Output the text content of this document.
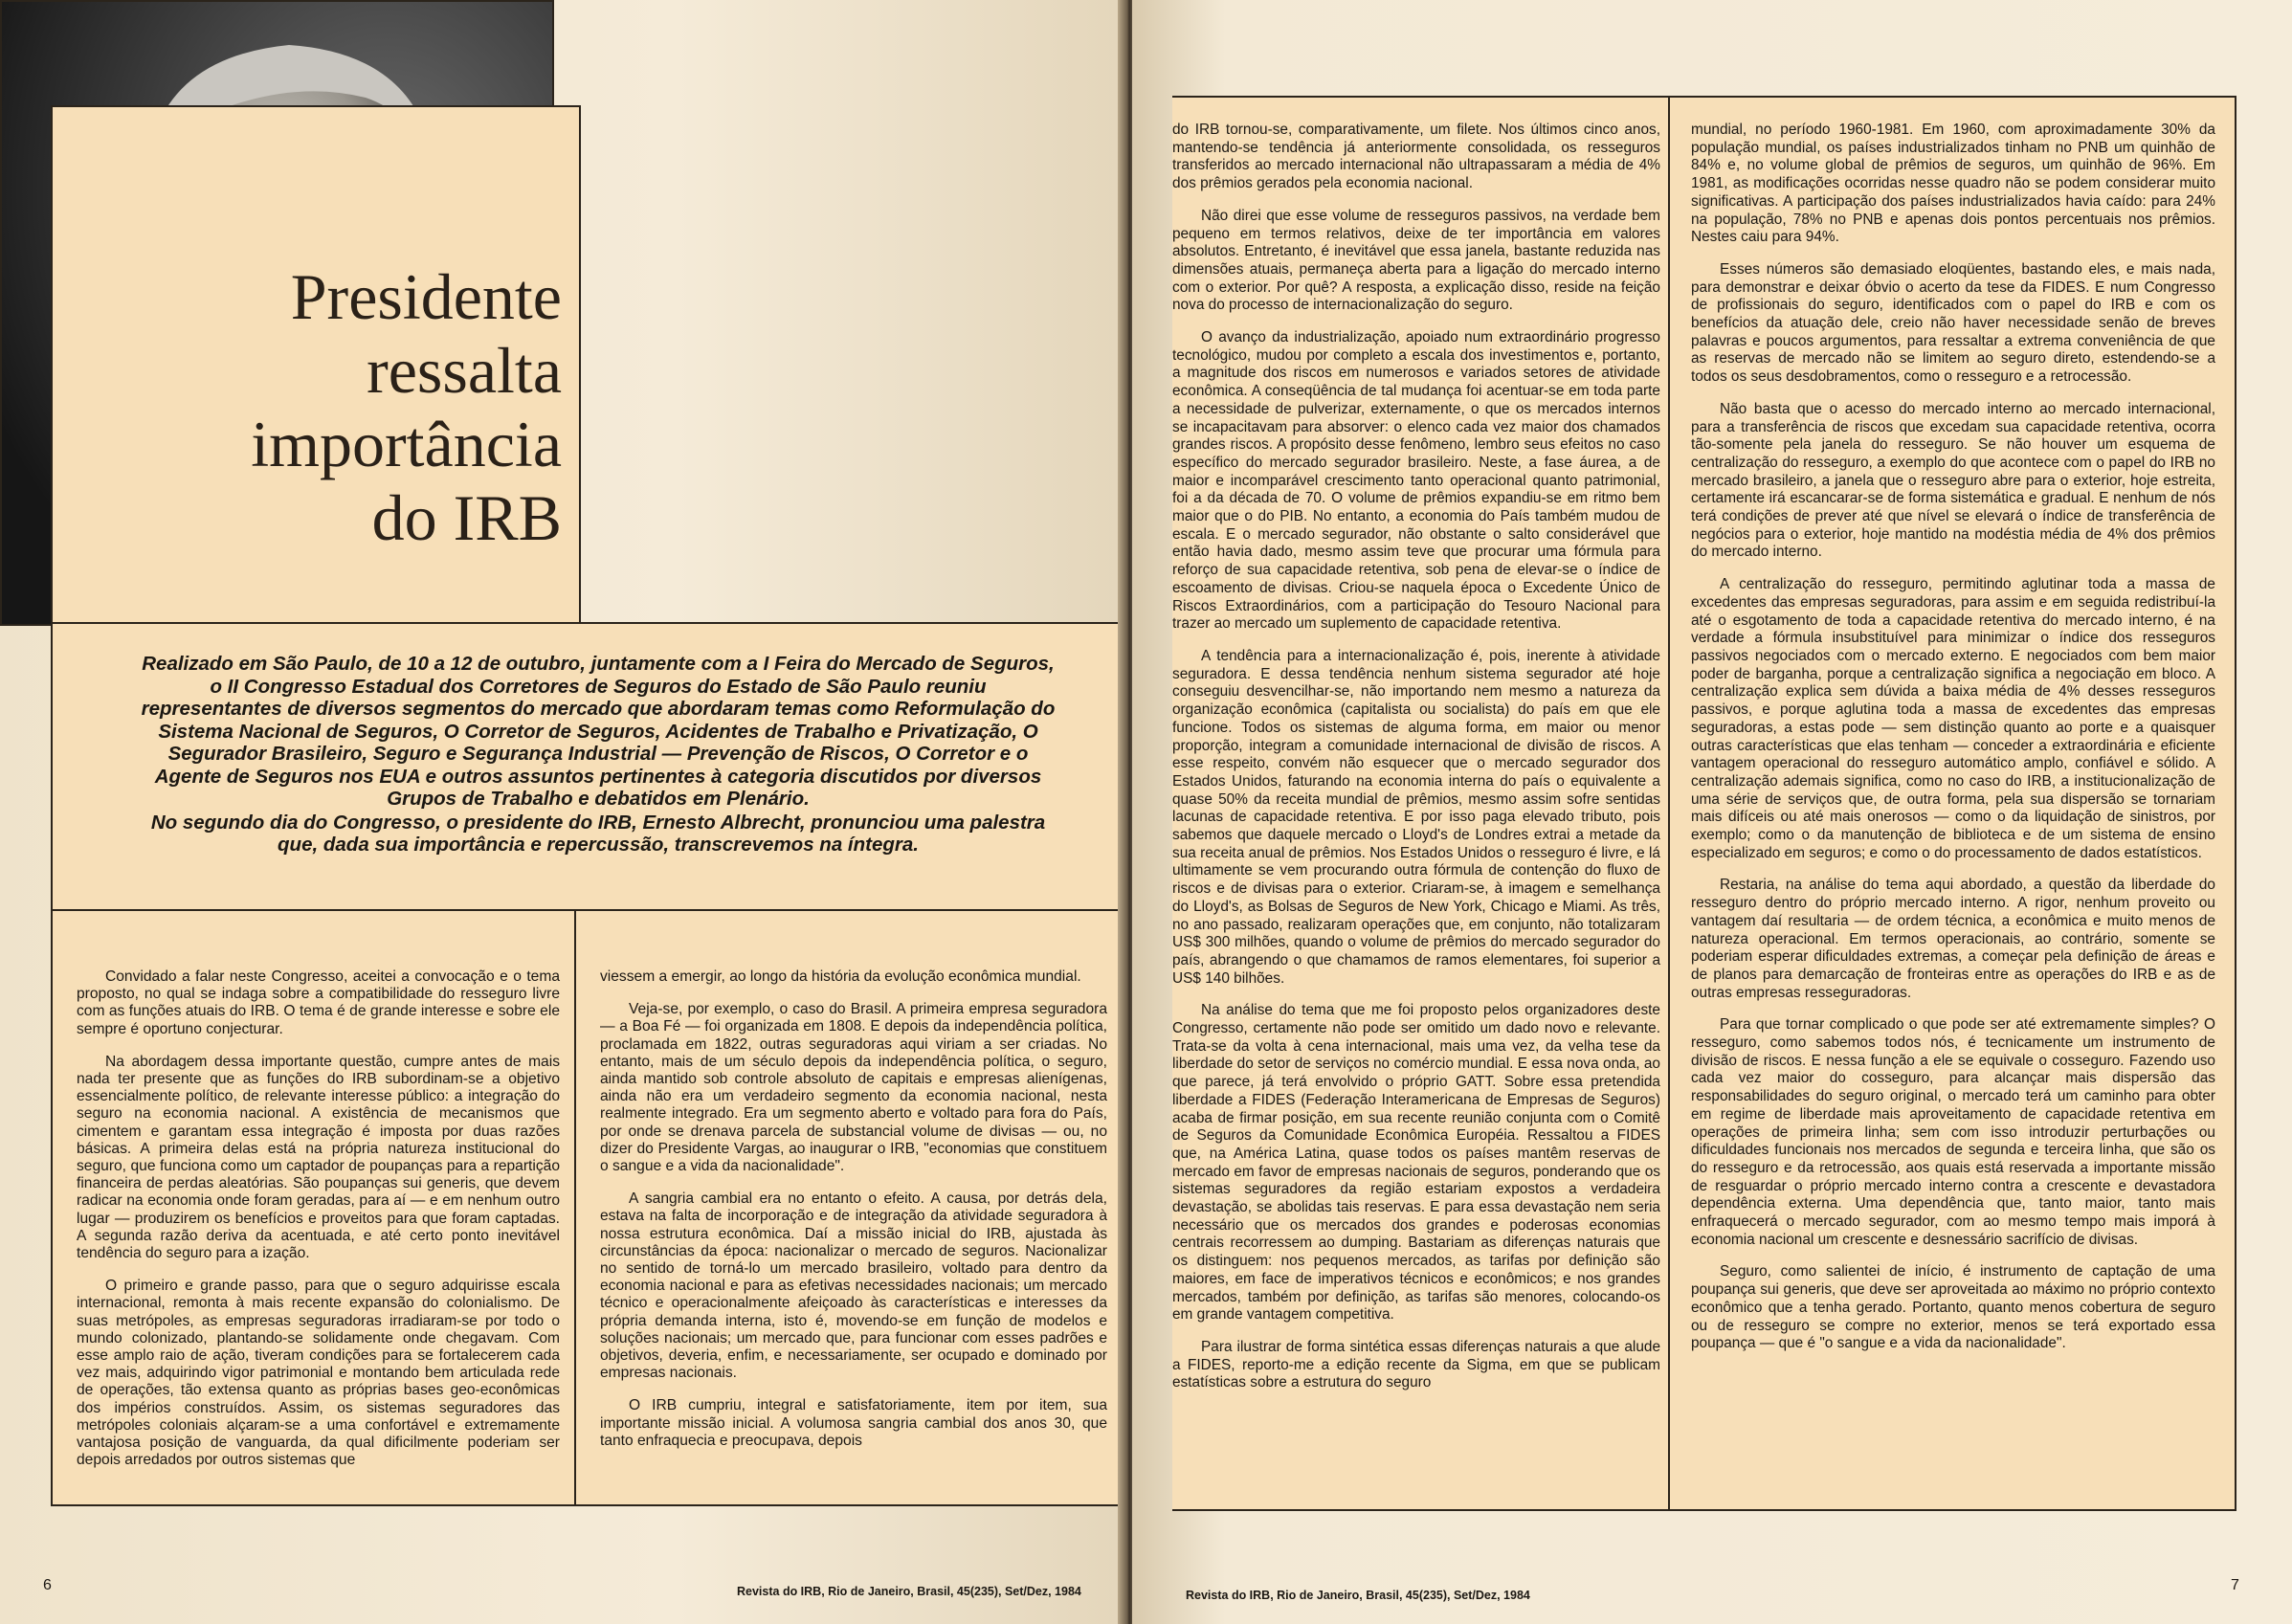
Presidente
ressalta
importância
do IRB

Realizado em São Paulo, de 10 a 12 de outubro, juntamente com a I Feira do Mercado de Seguros, o II Congresso Estadual dos Corretores de Seguros do Estado de São Paulo reuniu representantes de diversos segmentos do mercado que abordaram temas como Reformulação do Sistema Nacional de Seguros, O Corretor de Seguros, Acidentes de Trabalho e Privatização, O Segurador Brasileiro, Seguro e Segurança Industrial — Prevenção de Riscos, O Corretor e o Agente de Seguros nos EUA e outros assuntos pertinentes à categoria discutidos por diversos Grupos de Trabalho e debatidos em Plenário.

No segundo dia do Congresso, o presidente do IRB, Ernesto Albrecht, pronunciou uma palestra que, dada sua importância e repercussão, transcrevemos na íntegra.

Convidado a falar neste Congresso, aceitei a convocação e o tema proposto, no qual se indaga sobre a compatibilidade do resseguro livre com as funções atuais do IRB. O tema é de grande interesse e sobre ele sempre é oportuno conjecturar.

Na abordagem dessa importante questão, cumpre antes de mais nada ter presente que as funções do IRB subordinam-se a objetivo essencialmente político, de relevante interesse público: a integração do seguro na economia nacional. A existência de mecanismos que cimentem e garantam essa integração é imposta por duas razões básicas. A primeira delas está na própria natureza institucional do seguro, que funciona como um captador de poupanças para a repartição financeira de perdas aleatórias. São poupanças sui generis, que devem radicar na economia onde foram geradas, para aí — e em nenhum outro lugar — produzirem os benefícios e proveitos para que foram captadas. A segunda razão deriva da acentuada, e até certo ponto inevitável tendência do seguro para a ização.

O primeiro e grande passo, para que o seguro adquirisse escala internacional, remonta à mais recente expansão do colonialismo. De suas metrópoles, as empresas seguradoras irradiaram-se por todo o mundo colonizado, plantando-se solidamente onde chegavam. Com esse amplo raio de ação, tiveram condições para se fortalecerem cada vez mais, adquirindo vigor patrimonial e montando bem articulada rede de operações, tão extensa quanto as próprias bases geo-econômicas dos impérios construídos. Assim, os sistemas seguradores das metrópoles coloniais alçaram-se a uma confortável e extremamente vantajosa posição de vanguarda, da qual dificilmente poderiam ser depois arredados por outros sistemas que

viessem a emergir, ao longo da história da evolução econômica mundial.

Veja-se, por exemplo, o caso do Brasil. A primeira empresa seguradora — a Boa Fé — foi organizada em 1808. E depois da independência política, proclamada em 1822, outras seguradoras aqui viriam a ser criadas. No entanto, mais de um século depois da independência política, o seguro, ainda mantido sob controle absoluto de capitais e empresas alienígenas, ainda não era um verdadeiro segmento da economia nacional, nesta realmente integrado. Era um segmento aberto e voltado para fora do País, por onde se drenava parcela de substancial volume de divisas — ou, no dizer do Presidente Vargas, ao inaugurar o IRB, "economias que constituem o sangue e a vida da nacionalidade".

A sangria cambial era no entanto o efeito. A causa, por detrás dela, estava na falta de incorporação e de integração da atividade seguradora à nossa estrutura econômica. Daí a missão inicial do IRB, ajustada às circunstâncias da época: nacionalizar o mercado de seguros. Nacionalizar no sentido de torná-lo um mercado brasileiro, voltado para dentro da economia nacional e para as efetivas necessidades nacionais; um mercado técnico e operacionalmente afeiçoado às características e interesses da própria demanda interna, isto é, movendo-se em função de modelos e soluções nacionais; um mercado que, para funcionar com esses padrões e objetivos, deveria, enfim, e necessariamente, ser ocupado e dominado por empresas nacionais.

O IRB cumpriu, integral e satisfatoriamente, item por item, sua importante missão inicial. A volumosa sangria cambial dos anos 30, que tanto enfraquecia e preocupava, depois

6	Revista do IRB, Rio de Janeiro, Brasil, 45(235), Set/Dez, 1984

do IRB tornou-se, comparativamente, um filete. Nos últimos cinco anos, mantendo-se tendência já anteriormente consolidada, os resseguros transferidos ao mercado internacional não ultrapassaram a média de 4% dos prêmios gerados pela economia nacional.

Não direi que esse volume de resseguros passivos, na verdade bem pequeno em termos relativos, deixe de ter importância em valores absolutos. Entretanto, é inevitável que essa janela, bastante reduzida nas dimensões atuais, permaneça aberta para a ligação do mercado interno com o exterior. Por quê? A resposta, a explicação disso, reside na feição nova do processo de internacionalização do seguro.

O avanço da industrialização, apoiado num extraordinário progresso tecnológico, mudou por completo a escala dos investimentos e, portanto, a magnitude dos riscos em numerosos e variados setores de atividade econômica. A conseqüência de tal mudança foi acentuar-se em toda parte a necessidade de pulverizar, externamente, o que os mercados internos se incapacitavam para absorver: o elenco cada vez maior dos chamados grandes riscos. A propósito desse fenômeno, lembro seus efeitos no caso específico do mercado segurador brasileiro. Neste, a fase áurea, a de maior e incomparável crescimento tanto operacional quanto patrimonial, foi a da década de 70. O volume de prêmios expandiu-se em ritmo bem maior que o do PIB. No entanto, a economia do País também mudou de escala. E o mercado segurador, não obstante o salto considerável que então havia dado, mesmo assim teve que procurar uma fórmula para reforço de sua capacidade retentiva, sob pena de elevar-se o índice de escoamento de divisas. Criou-se naquela época o Excedente Único de Riscos Extraordinários, com a participação do Tesouro Nacional para trazer ao mercado um suplemento de capacidade retentiva.

A tendência para a internacionalização é, pois, inerente à atividade seguradora. E dessa tendência nenhum sistema segurador até hoje conseguiu desvencilhar-se, não importando nem mesmo a natureza da organização econômica (capitalista ou socialista) do país em que ele funcione. Todos os sistemas de alguma forma, em maior ou menor proporção, integram a comunidade internacional de divisão de riscos. A esse respeito, convém não esquecer que o mercado segurador dos Estados Unidos, faturando na economia interna do país o equivalente a quase 50% da receita mundial de prêmios, mesmo assim sofre sentidas lacunas de capacidade retentiva. E por isso paga elevado tributo, pois sabemos que daquele mercado o Lloyd's de Londres extrai a metade da sua receita anual de prêmios. Nos Estados Unidos o resseguro é livre, e lá ultimamente se vem procurando outra fórmula de contenção do fluxo de riscos e de divisas para o exterior. Criaram-se, à imagem e semelhança do Lloyd's, as Bolsas de Seguros de New York, Chicago e Miami. As três, no ano passado, realizaram operações que, em conjunto, não totalizaram US$ 300 milhões, quando o volume de prêmios do mercado segurador do país, abrangendo o que chamamos de ramos elementares, foi superior a US$ 140 bilhões.

Na análise do tema que me foi proposto pelos organizadores deste Congresso, certamente não pode ser omitido um dado novo e relevante. Trata-se da volta à cena internacional, mais uma vez, da velha tese da liberdade do setor de serviços no comércio mundial. E essa nova onda, ao que parece, já terá envolvido o próprio GATT. Sobre essa pretendida liberdade a FIDES (Federação Interamericana de Empresas de Seguros) acaba de firmar posição, em sua recente reunião conjunta com o Comitê de Seguros da Comunidade Econômica Européia. Ressaltou a FIDES que, na América Latina, quase todos os países mantêm reservas de mercado em favor de empresas nacionais de seguros, ponderando que os sistemas seguradores da região estariam expostos a verdadeira devastação, se abolidas tais reservas. E para essa devastação nem seria necessário que os mercados dos grandes e poderosas economias centrais recorressem ao dumping. Bastariam as diferenças naturais que os distinguem: nos pequenos mercados, as tarifas por definição são maiores, em face de imperativos técnicos e econômicos; e nos grandes mercados, também por definição, as tarifas são menores, colocando-os em grande vantagem competitiva.

Para ilustrar de forma sintética essas diferenças naturais a que alude a FIDES, reporto-me a edição recente da Sigma, em que se publicam estatísticas sobre a estrutura do seguro

mundial, no período 1960-1981. Em 1960, com aproximadamente 30% da população mundial, os países industrializados tinham no PNB um quinhão de 84% e, no volume global de prêmios de seguros, um quinhão de 96%. Em 1981, as modificações ocorridas nesse quadro não se podem considerar muito significativas. A participação dos países industrializados havia caído: para 24% na população, 78% no PNB e apenas dois pontos percentuais nos prêmios. Nestes caiu para 94%.

Esses números são demasiado eloqüentes, bastando eles, e mais nada, para demonstrar e deixar óbvio o acerto da tese da FIDES. E num Congresso de profissionais do seguro, identificados com o papel do IRB e com os benefícios da atuação dele, creio não haver necessidade senão de breves palavras e poucos argumentos, para ressaltar a extrema conveniência de que as reservas de mercado não se limitem ao seguro direto, estendendo-se a todos os seus desdobramentos, como o resseguro e a retrocessão.

Não basta que o acesso do mercado interno ao mercado internacional, para a transferência de riscos que excedam sua capacidade retentiva, ocorra tão-somente pela janela do resseguro. Se não houver um esquema de centralização do resseguro, a exemplo do que acontece com o papel do IRB no mercado brasileiro, a janela que o resseguro abre para o exterior, hoje estreita, certamente irá escancarar-se de forma sistemática e gradual. E nenhum de nós terá condições de prever até que nível se elevará o índice de transferência de negócios para o exterior, hoje mantido na modéstia média de 4% dos prêmios do mercado interno.

A centralização do resseguro, permitindo aglutinar toda a massa de excedentes das empresas seguradoras, para assim e em seguida redistribuí-la até o esgotamento de toda a capacidade retentiva do mercado interno, é na verdade a fórmula insubstituível para minimizar o índice dos resseguros passivos negociados com o mercado externo. E negociados com bem maior poder de barganha, porque a centralização significa a negociação em bloco. A centralização explica sem dúvida a baixa média de 4% desses resseguros passivos, e porque aglutina toda a massa de excedentes das empresas seguradoras, a estas pode — sem distinção quanto ao porte e a quaisquer outras características que elas tenham — conceder a extraordinária e eficiente vantagem operacional do resseguro automático amplo, confiável e sólido. A centralização ademais significa, como no caso do IRB, a institucionalização de uma série de serviços que, de outra forma, pela sua dispersão se tornariam mais difíceis ou até mais onerosos — como o da liquidação de sinistros, por exemplo; como o da manutenção de biblioteca e de um sistema de ensino especializado em seguros; e como o do processamento de dados estatísticos.

Restaria, na análise do tema aqui abordado, a questão da liberdade do resseguro dentro do próprio mercado interno. A rigor, nenhum proveito ou vantagem daí resultaria — de ordem técnica, a econômica e muito menos de natureza operacional. Em termos operacionais, ao contrário, somente se poderiam esperar dificuldades extremas, a começar pela definição de áreas e de planos para demarcação de fronteiras entre as operações do IRB e as de outras empresas resseguradoras.

Para que tornar complicado o que pode ser até extremamente simples? O resseguro, como sabemos todos nós, é tecnicamente um instrumento de divisão de riscos. E nessa função a ele se equivale o cosseguro. Fazendo uso cada vez maior do cosseguro, para alcançar mais dispersão das responsabilidades do seguro original, o mercado terá um caminho para obter em regime de liberdade mais aproveitamento de capacidade retentiva em operações de primeira linha; sem com isso introduzir perturbações ou dificuldades funcionais nos mercados de segunda e terceira linha, que são os do resseguro e da retrocessão, aos quais está reservada a importante missão de resguardar o próprio mercado interno contra a crescente e devastadora dependência externa. Uma dependência que, tanto maior, tanto mais enfraquecerá o mercado segurador, com ao mesmo tempo mais imporá à economia nacional um crescente e desnessário sacrifício de divisas.

Seguro, como salientei de início, é instrumento de captação de uma poupança sui generis, que deve ser aproveitada ao máximo no próprio contexto econômico que a tenha gerado. Portanto, quanto menos cobertura de seguro ou de resseguro se compre no exterior, menos se terá exportado essa poupança — que é "o sangue e a vida da nacionalidade".

Revista do IRB, Rio de Janeiro, Brasil, 45(235), Set/Dez, 1984
7
